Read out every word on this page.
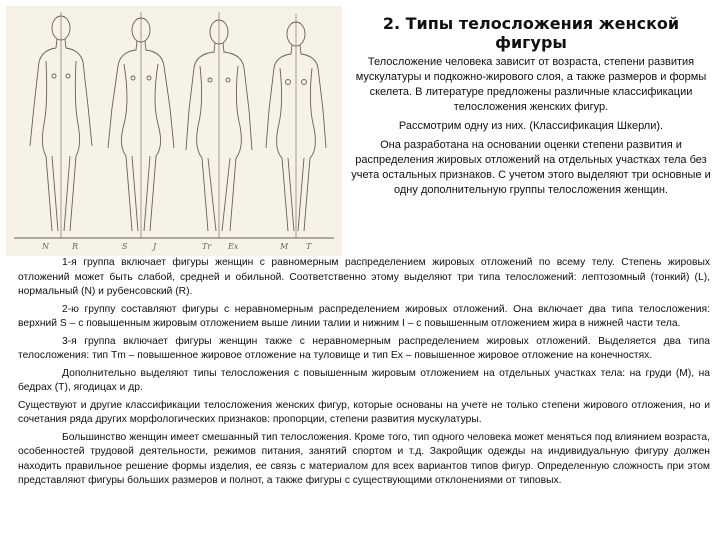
N	R	S	J	Tr Ex	M T
2. Типы телосложения женской фигуры

Телосложение человека зависит от возраста, степени развития мускулатуры и подкожно-жирового слоя, а также размеров и формы скелета. В литературе предложены различные классификации телосложения женских фигур.

Рассмотрим одну из них. (Классификация Шкерли).

Она разработана на основании оценки степени развития и распределения жировых отложений на отдельных участках тела без учета остальных признаков. С учетом этого выделяют три основные и одну дополнительную группы телосложения женщин.

1-я группа включает фигуры женщин с равномерным распределением жировых отложений по всему телу. Степень жировых отложений может быть слабой, средней и обильной. Соответственно этому выделяют три типа телосложений: лептозомный (тонкий) (L), нормальный (N) и рубенсовский (R).

2-ю группу составляют фигуры с неравномерным распределением жировых отложений. Она включает два типа телосложения: верхний S – с повышенным жировым отложением выше линии талии и нижним I – с повышенным отложением жира в нижней части тела.

3-я группа включает фигуры женщин также с неравномерным распределением жировых отложений. Выделяется два типа телосложения: тип Tm – повышенное жировое отложение на туловище и тип Ex – повышенное жировое отложение на конечностях.

Дополнительно выделяют типы телосложения с повышенным жировым отложением на отдельных участках тела: на груди (M), на бедрах (T), ягодицах и др.

Существуют и другие классификации телосложения женских фигур, которые основаны на учете не только степени жирового отложения, но и сочетания ряда других морфологических признаков: пропорции, степени развития мускулатуры.

Большинство женщин имеет смешанный тип телосложения. Кроме того, тип одного человека может меняться под влиянием возраста, особенностей трудовой деятельности, режимов питания, занятий спортом и т.д. Закройщик одежды на индивидуальную фигуру должен находить правильное решение формы изделия, ее связь с материалом для всех вариантов типов фигур. Определенную сложность при этом представляют фигуры больших размеров и полнот, а также фигуры с существующими отклонениями от типовых.
